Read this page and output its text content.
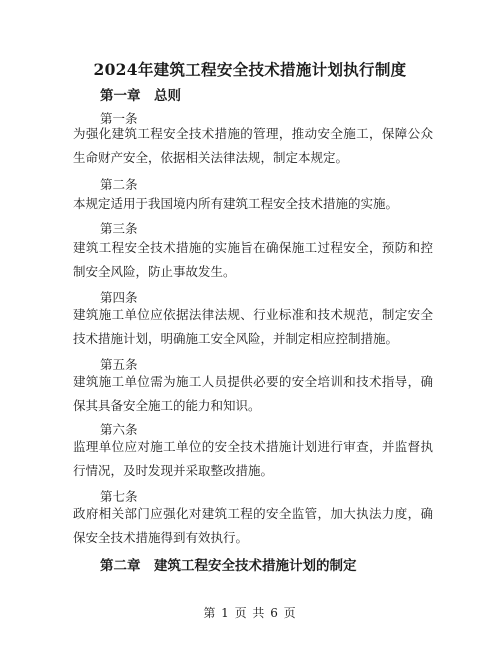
2024年建筑工程安全技术措施计划执行制度
第一章　总则

第一条

为强化建筑工程安全技术措施的管理，推动安全施工，保障公众生命财产安全，依据相关法律法规，制定本规定。

第二条

本规定适用于我国境内所有建筑工程安全技术措施的实施。

第三条

建筑工程安全技术措施的实施旨在确保施工过程安全，预防和控制安全风险，防止事故发生。

第四条

建筑施工单位应依据法律法规、行业标准和技术规范，制定安全技术措施计划，明确施工安全风险，并制定相应控制措施。

第五条

建筑施工单位需为施工人员提供必要的安全培训和技术指导，确保其具备安全施工的能力和知识。

第六条

监理单位应对施工单位的安全技术措施计划进行审查，并监督执行情况，及时发现并采取整改措施。

第七条

政府相关部门应强化对建筑工程的安全监管，加大执法力度，确保安全技术措施得到有效执行。

第二章　建筑工程安全技术措施计划的制定

第 1 页 共 6 页
